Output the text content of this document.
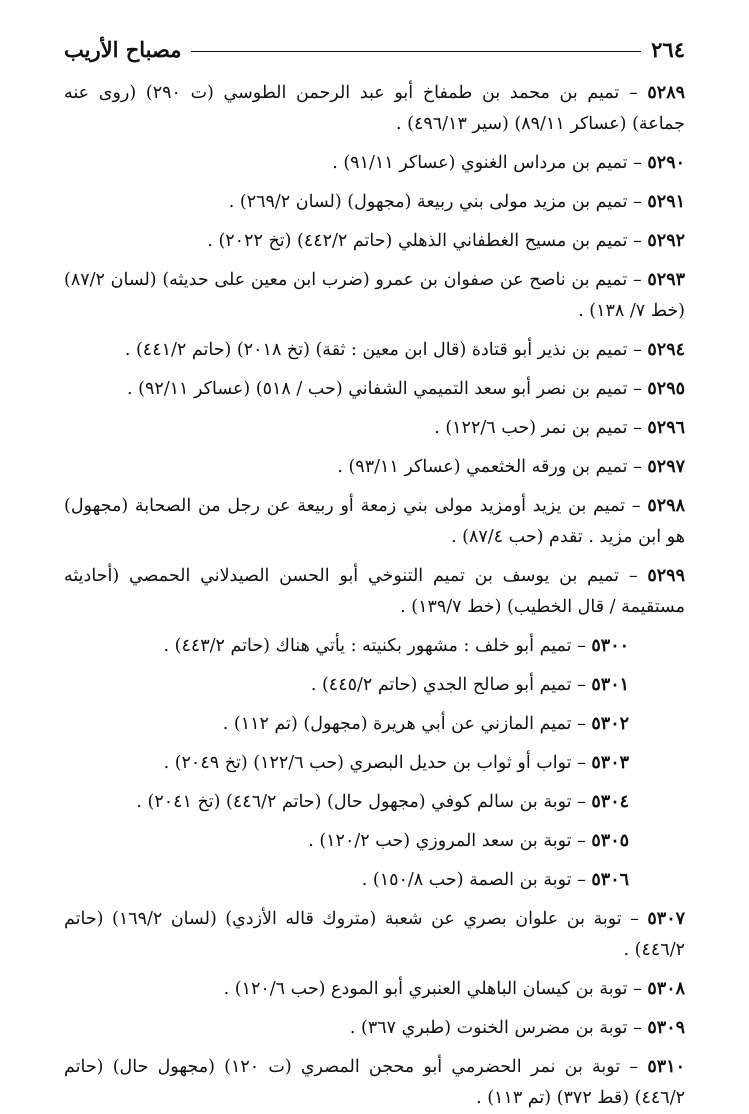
٢٦٤
مصباح الأريب
٥٢٨٩ – تميم بن محمد بن طمفاخ أبو عبد الرحمن الطوسي (ت ٢٩٠) (روى عنه جماعة) (عساكر ٨٩/١١) (سير ٤٩٦/١٣) .
٥٢٩٠ – تميم بن مرداس الغنوي (عساكر ٩١/١١) .
٥٢٩١ – تميم بن مزيد مولى بني ربيعة (مجهول) (لسان ٢٦٩/٢) .
٥٢٩٢ – تميم بن مسيح الغطفاني الذهلي (حاتم ٤٤٢/٢) (تخ ٢٠٢٢) .
٥٢٩٣ – تميم بن ناصح عن صفوان بن عمرو (ضرب ابن معين على حديثه) (لسان ٨٧/٢) (خط ٧/ ١٣٨) .
٥٢٩٤ – تميم بن نذير أبو قتادة (قال ابن معين : ثقة) (تخ ٢٠١٨) (حاتم ٤٤١/٢) .
٥٢٩٥ – تميم بن نصر أبو سعد التميمي الشفاني (حب / ٥١٨) (عساكر ٩٢/١١) .
٥٢٩٦ – تميم بن نمر (حب ١٢٢/٦) .
٥٢٩٧ – تميم بن ورقه الخثعمي (عساكر ٩٣/١١) .
٥٢٩٨ – تميم بن يزيد أومزيد مولى بني زمعة أو ربيعة عن رجل من الصحابة (مجهول) هو ابن مزيد . تقدم (حب ٨٧/٤) .
٥٢٩٩ – تميم بن يوسف بن تميم التنوخي أبو الحسن الصيدلاني الحمصي (أحاديثه مستقيمة / قال الخطيب) (خط ١٣٩/٧) .
٥٣٠٠ – تميم أبو خلف : مشهور بكنيته : يأتي هناك (حاتم ٤٤٣/٢) .
٥٣٠١ – تميم أبو صالح الجدي (حاتم ٤٤٥/٢) .
٥٣٠٢ – تميم المازني عن أبي هريرة (مجهول) (تم ١١٢) .
٥٣٠٣ – تواب أو ثواب بن حديل البصري (حب ١٢٢/٦) (تخ ٢٠٤٩) .
٥٣٠٤ – توبة بن سالم كوفي (مجهول حال) (حاتم ٤٤٦/٢) (تخ ٢٠٤١) .
٥٣٠٥ – توبة بن سعد المروزي (حب ١٢٠/٢) .
٥٣٠٦ – توبة بن الصمة (حب ١٥٠/٨) .
٥٣٠٧ – توبة بن علوان بصري عن شعبة (متروك قاله الأزدي) (لسان ١٦٩/٢) (حاتم ٤٤٦/٢) .
٥٣٠٨ – توبة بن كيسان الباهلي العنبري أبو المودع (حب ١٢٠/٦) .
٥٣٠٩ – توبة بن مضرس الخنوت (طبري ٣٦٧) .
٥٣١٠ – توبة بن نمر الحضرمي أبو محجن المصري (ت ١٢٠) (مجهول حال) (حاتم ٤٤٦/٢) (قط ٣٧٢) (تم ١١٣) .
